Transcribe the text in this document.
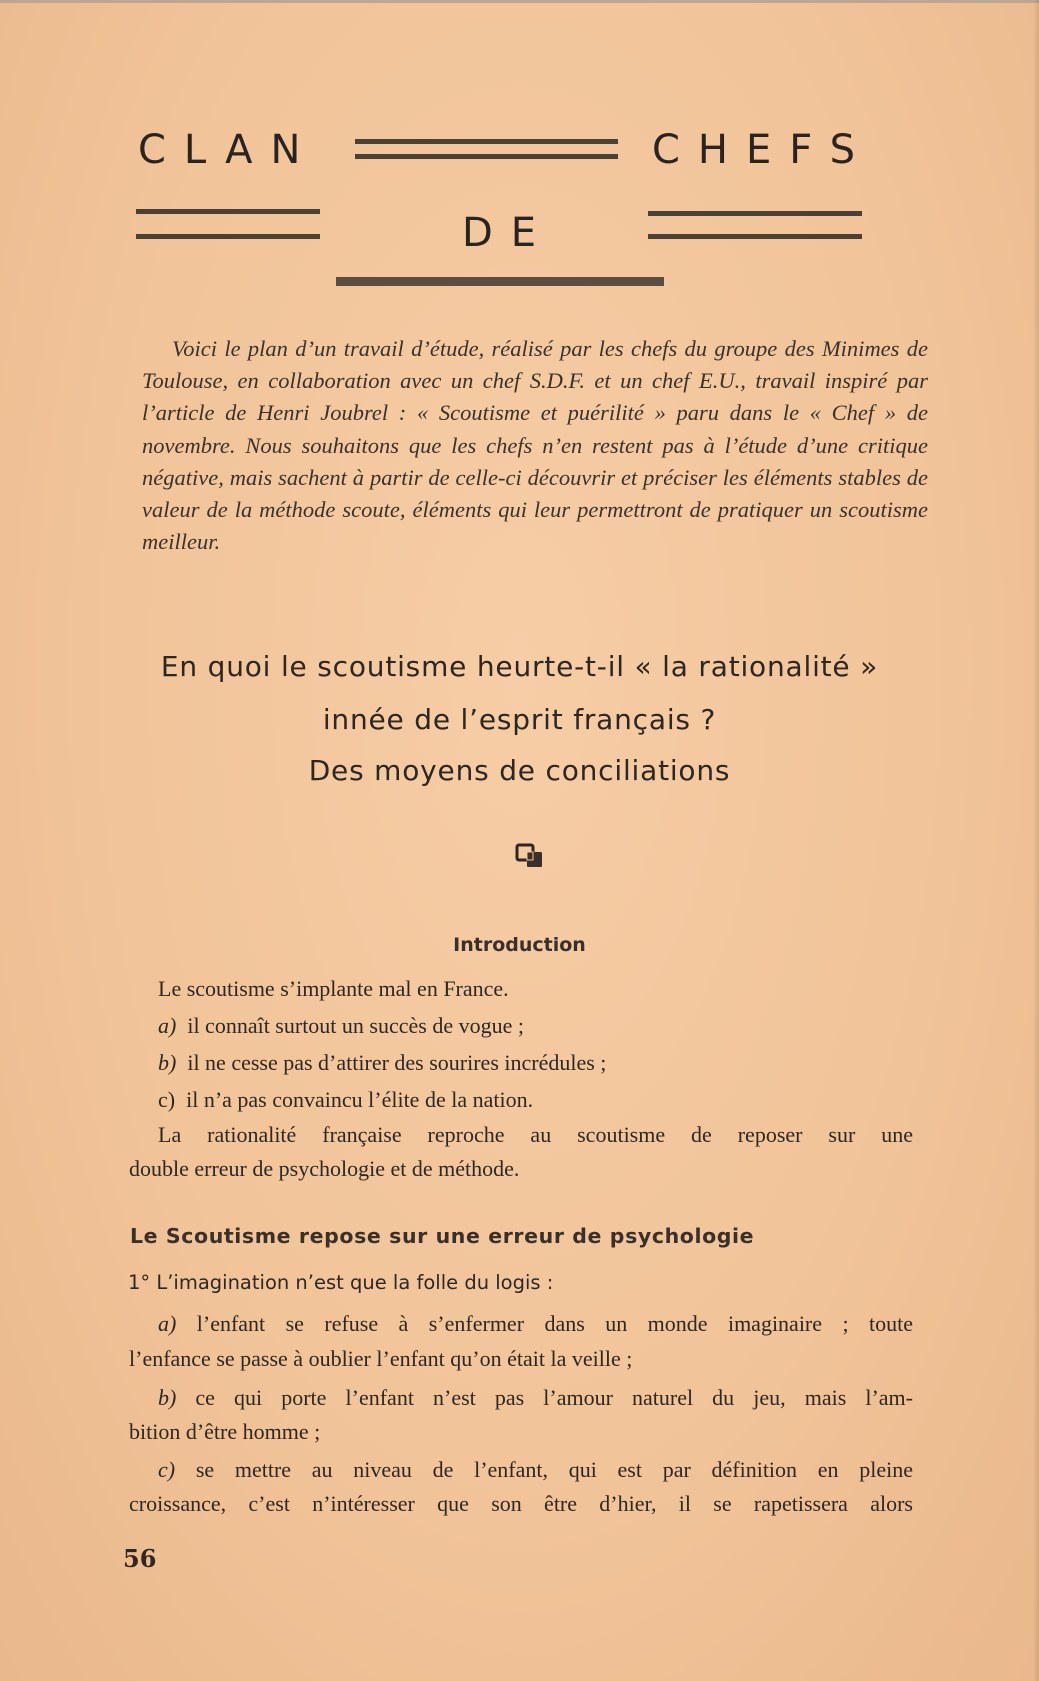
CLAN	CHEFS
DE

Voici le plan d’un travail d’étude, réalisé par les chefs du groupe des Minimes de Toulouse, en collaboration avec un chef S.D.F. et un chef E.U., travail inspiré par l’article de Henri Joubrel : « Scoutisme et puérilité » paru dans le « Chef » de novembre. Nous souhaitons que les chefs n’en restent pas à l’étude d’une critique négative, mais sachent à partir de celle-ci découvrir et préciser les éléments stables de valeur de la méthode scoute, éléments qui leur permettront de pratiquer un scoutisme meilleur.

En quoi le scoutisme heurte-t-il « la rationalité »
innée de l’esprit français ?
Des moyens de conciliations
Introduction
Le scoutisme s’implante mal en France.
a) il connaît surtout un succès de vogue ;
b) il ne cesse pas d’attirer des sourires incrédules ;
c) il n’a pas convaincu l’élite de la nation.
La rationalité française reproche au scoutisme de reposer sur une
double erreur de psychologie et de méthode.
Le Scoutisme repose sur une erreur de psychologie
1° L’imagination n’est que la folle du logis :
a) l’enfant se refuse à s’enfermer dans un monde imaginaire ; toute
l’enfance se passe à oublier l’enfant qu’on était la veille ;
b) ce qui porte l’enfant n’est pas l’amour naturel du jeu, mais l’am-
bition d’être homme ;
c) se mettre au niveau de l’enfant, qui est par définition en pleine
croissance, c’est n’intéresser que son être d’hier, il se rapetissera alors
56
